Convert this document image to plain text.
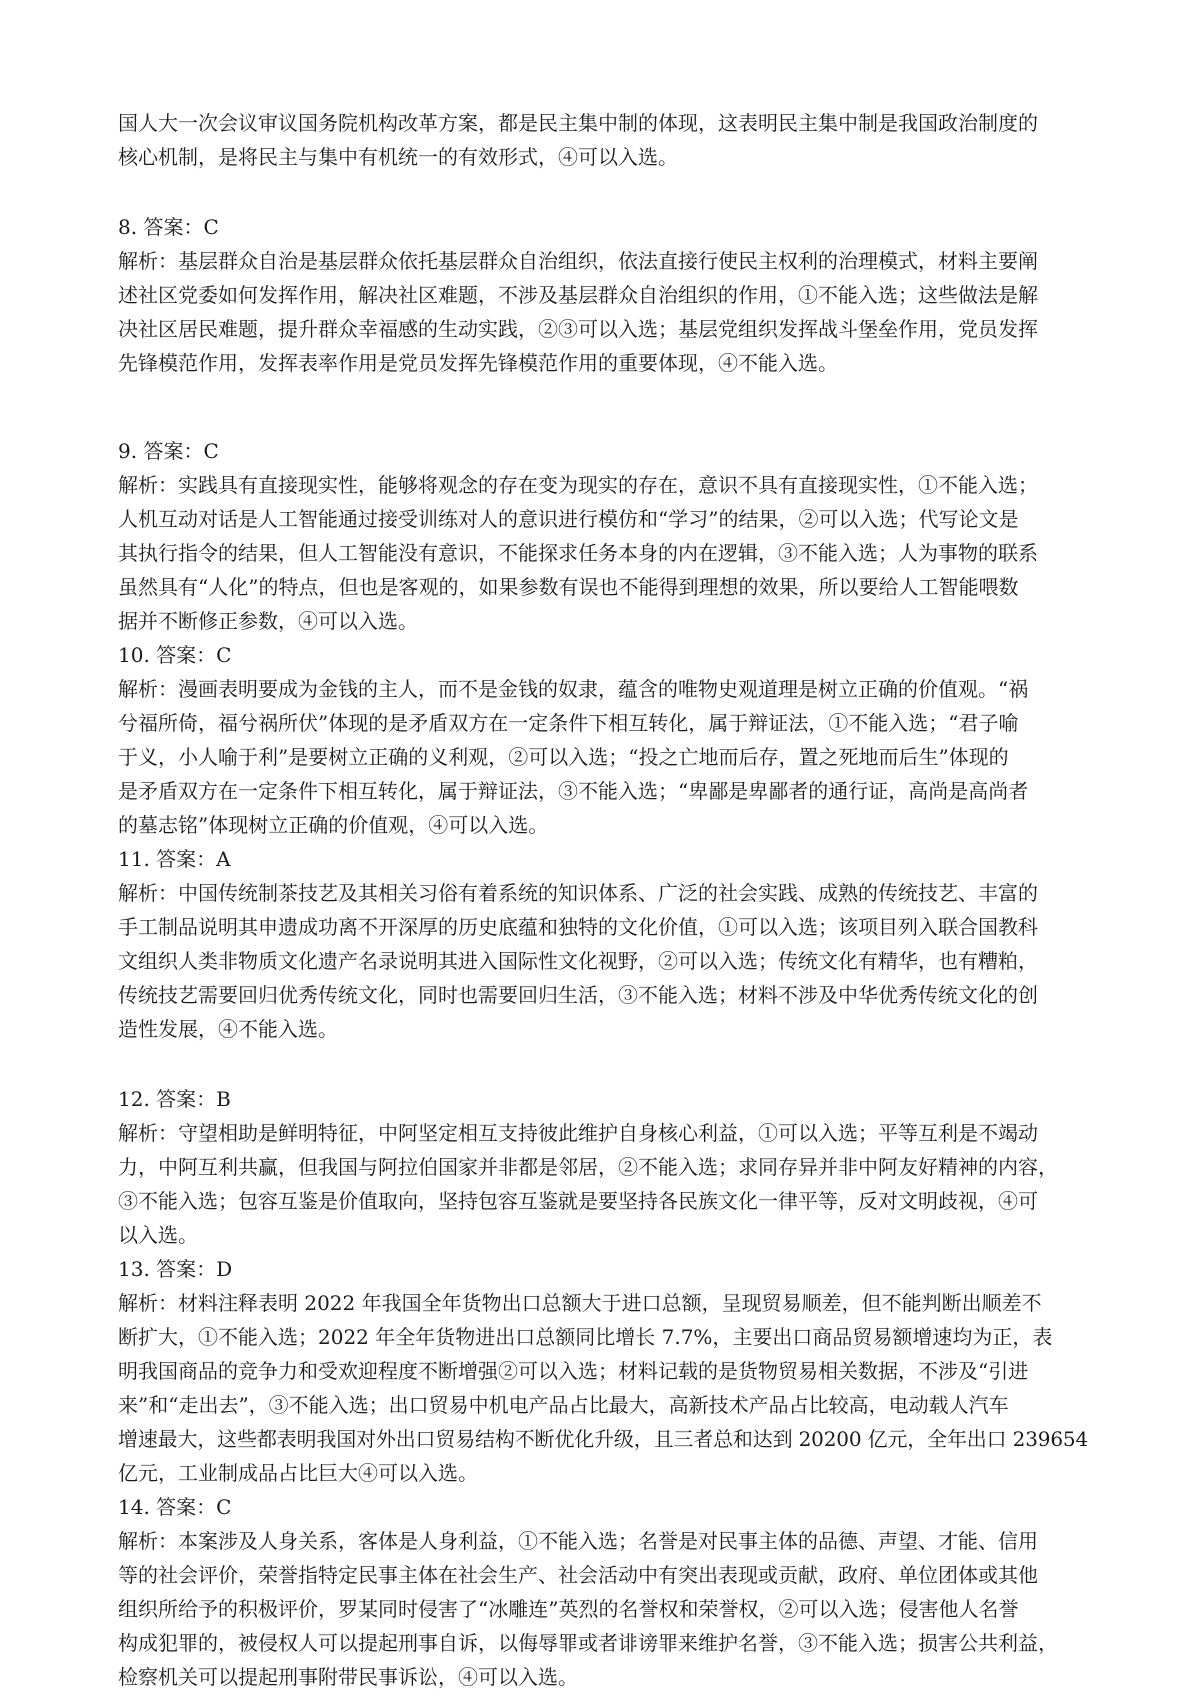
国人大一次会议审议国务院机构改革方案，都是民主集中制的体现，这表明民主集中制是我国政治制度的
核心机制，是将民主与集中有机统一的有效形式，④可以入选。
8. 答案：C
解析：基层群众自治是基层群众依托基层群众自治组织，依法直接行使民主权利的治理模式，材料主要阐
述社区党委如何发挥作用，解决社区难题，不涉及基层群众自治组织的作用，①不能入选；这些做法是解
决社区居民难题，提升群众幸福感的生动实践，②③可以入选；基层党组织发挥战斗堡垒作用，党员发挥
先锋模范作用，发挥表率作用是党员发挥先锋模范作用的重要体现，④不能入选。
9. 答案：C
解析：实践具有直接现实性，能够将观念的存在变为现实的存在，意识不具有直接现实性，①不能入选；
人机互动对话是人工智能通过接受训练对人的意识进行模仿和“学习”的结果，②可以入选；代写论文是
其执行指令的结果，但人工智能没有意识，不能探求任务本身的内在逻辑，③不能入选；人为事物的联系
虽然具有“人化”的特点，但也是客观的，如果参数有误也不能得到理想的效果，所以要给人工智能喂数
据并不断修正参数，④可以入选。
10. 答案：C
解析：漫画表明要成为金钱的主人，而不是金钱的奴隶，蕴含的唯物史观道理是树立正确的价值观。“祸
兮福所倚，福兮祸所伏”体现的是矛盾双方在一定条件下相互转化，属于辩证法，①不能入选；“君子喻
于义，小人喻于利”是要树立正确的义利观，②可以入选；“投之亡地而后存，置之死地而后生”体现的
是矛盾双方在一定条件下相互转化，属于辩证法，③不能入选；“卑鄙是卑鄙者的通行证，高尚是高尚者
的墓志铭”体现树立正确的价值观，④可以入选。
11. 答案：A
解析：中国传统制茶技艺及其相关习俗有着系统的知识体系、广泛的社会实践、成熟的传统技艺、丰富的
手工制品说明其申遗成功离不开深厚的历史底蕴和独特的文化价值，①可以入选；该项目列入联合国教科
文组织人类非物质文化遗产名录说明其进入国际性文化视野，②可以入选；传统文化有精华，也有糟粕，
传统技艺需要回归优秀传统文化，同时也需要回归生活，③不能入选；材料不涉及中华优秀传统文化的创
造性发展，④不能入选。
12. 答案：B
解析：守望相助是鲜明特征，中阿坚定相互支持彼此维护自身核心利益，①可以入选；平等互利是不竭动
力，中阿互利共赢，但我国与阿拉伯国家并非都是邻居，②不能入选；求同存异并非中阿友好精神的内容，
③不能入选；包容互鉴是价值取向，坚持包容互鉴就是要坚持各民族文化一律平等，反对文明歧视，④可
以入选。
13. 答案：D
解析：材料注释表明 2022 年我国全年货物出口总额大于进口总额，呈现贸易顺差，但不能判断出顺差不
断扩大，①不能入选；2022 年全年货物进出口总额同比增长 7.7%，主要出口商品贸易额增速均为正，表
明我国商品的竞争力和受欢迎程度不断增强②可以入选；材料记载的是货物贸易相关数据，不涉及“引进
来”和“走出去”，③不能入选；出口贸易中机电产品占比最大，高新技术产品占比较高，电动载人汽车
增速最大，这些都表明我国对外出口贸易结构不断优化升级，且三者总和达到 20200 亿元，全年出口 239654
亿元，工业制成品占比巨大④可以入选。
14. 答案：C
解析：本案涉及人身关系，客体是人身利益，①不能入选；名誉是对民事主体的品德、声望、才能、信用
等的社会评价，荣誉指特定民事主体在社会生产、社会活动中有突出表现或贡献，政府、单位团体或其他
组织所给予的积极评价，罗某同时侵害了“冰雕连”英烈的名誉权和荣誉权，②可以入选；侵害他人名誉
构成犯罪的，被侵权人可以提起刑事自诉，以侮辱罪或者诽谤罪来维护名誉，③不能入选；损害公共利益，
检察机关可以提起刑事附带民事诉讼，④可以入选。
